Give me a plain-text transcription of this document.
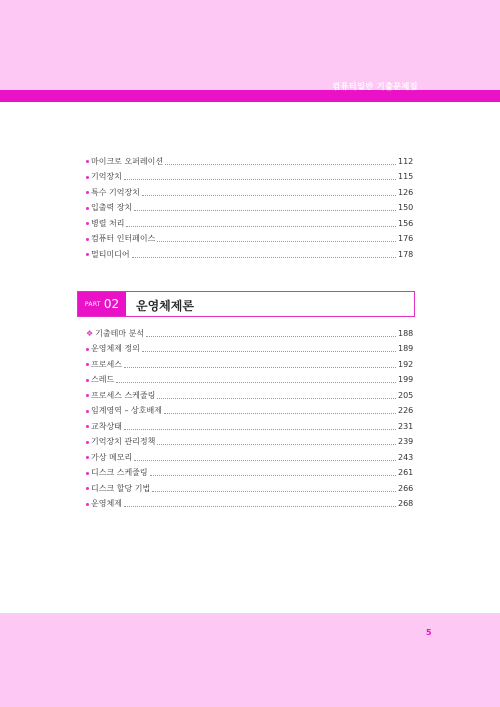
컴퓨터일반 기출문제집
마이크로 오퍼레이션	112
기억장치	115
특수 기억장치	126
입출력 장치	150
병렬 처리	156
컴퓨터 인터페이스	176
멀티미디어	178
PART 02 운영체제론
❖ 기출테마 분석	188
운영체제 정의	189
프로세스	192
스레드	199
프로세스 스케줄링	205
임계영역 – 상호배제	226
교착상태	231
기억장치 관리정책	239
가상 메모리	243
디스크 스케줄링	261
디스크 할당 기법	266
운영체제	268
5
